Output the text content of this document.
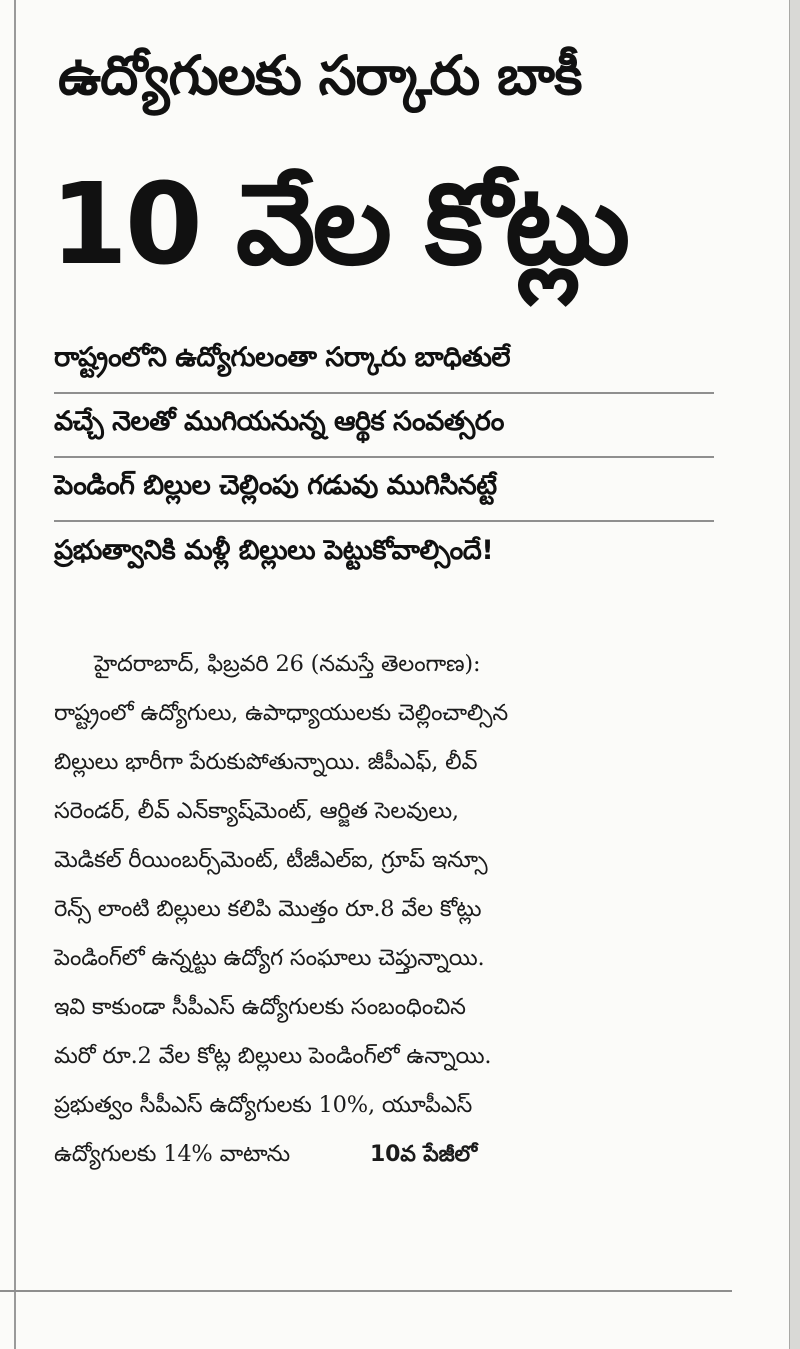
ఉద్యోగులకు సర్కారు బాకీ
10 వేల కోట్లు
రాష్ట్రంలోని ఉద్యోగులంతా సర్కారు బాధితులే
వచ్చే నెలతో ముగియనున్న ఆర్థిక సంవత్సరం
పెండింగ్ బిల్లుల చెల్లింపు గడువు ముగిసినట్టే
ప్రభుత్వానికి మళ్లీ బిల్లులు పెట్టుకోవాల్సిందే!
హైదరాబాద్, ఫిబ్రవరి 26 (నమస్తే తెలంగాణ):
రాష్ట్రంలో ఉద్యోగులు, ఉపాధ్యాయులకు చెల్లించాల్సిన
బిల్లులు భారీగా పేరుకుపోతున్నాయి. జీపీఎఫ్, లీవ్
సరెండర్, లీవ్ ఎన్‌క్యాష్‌మెంట్, ఆర్జిత సెలవులు,
మెడికల్ రీయింబర్స్‌మెంట్, టీజీఎల్ఐ, గ్రూప్ ఇన్సూ
రెన్స్ లాంటి బిల్లులు కలిపి మొత్తం రూ.8 వేల కోట్లు
పెండింగ్‌లో ఉన్నట్టు ఉద్యోగ సంఘాలు చెప్తున్నాయి.
ఇవి కాకుండా సీపీఎస్ ఉద్యోగులకు సంబంధించిన
మరో రూ.2 వేల కోట్ల బిల్లులు పెండింగ్‌లో ఉన్నాయి.
ప్రభుత్వం సీపీఎస్ ఉద్యోగులకు 10%, యూపీఎస్
ఉద్యోగులకు 14% వాటాను	10వ పేజీలో
